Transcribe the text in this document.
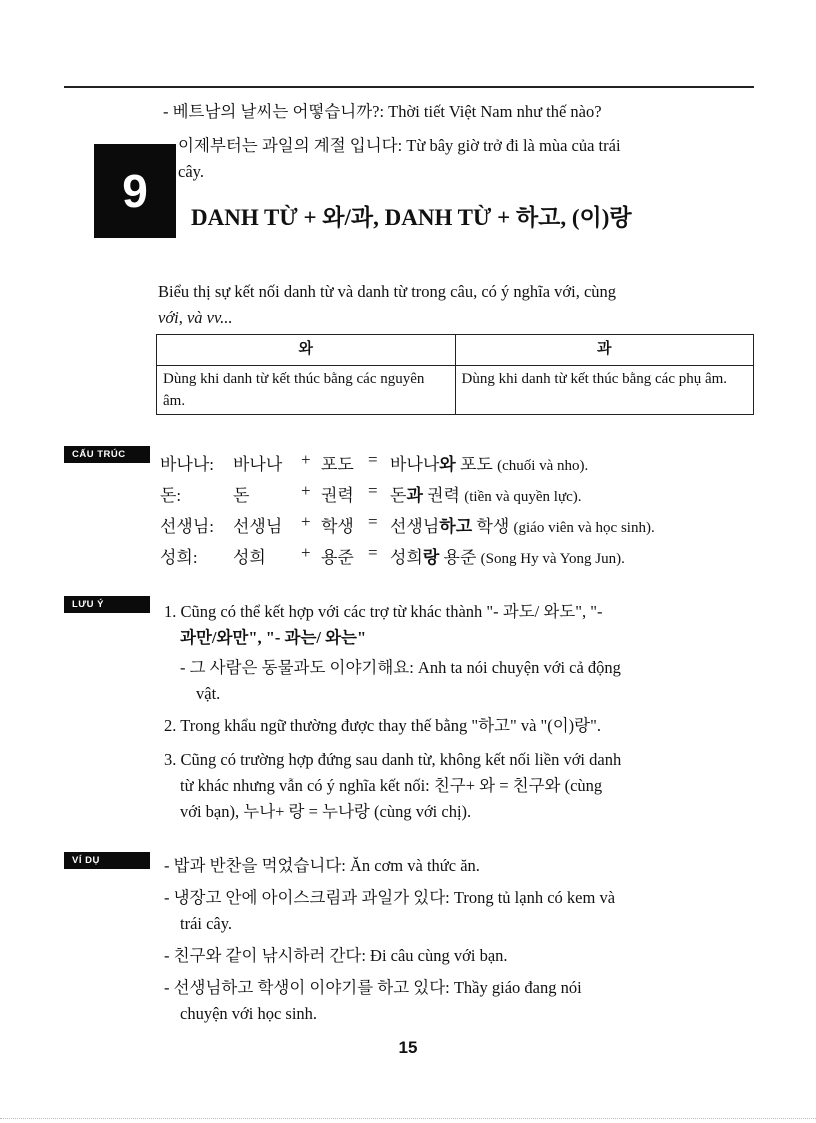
- 베트남의 날씨는 어떻습니까?: Thời tiết Việt Nam như thế nào?
이제부터는 과일의 계절 입니다: Từ bây giờ trở đi là mùa của trái
cây.
9
DANH TỪ + 와/과, DANH TỪ + 하고, (이)랑
Biểu thị sự kết nối danh từ và danh từ trong câu, có ý nghĩa với, cùng
với, và vv...
와	과
Dùng khi danh từ kết thúc bằng các nguyên âm.	Dùng khi danh từ kết thúc bằng các phụ âm.
CẤU TRÚC
바나나: 바나나 + 포도 = 바나나와 포도 (chuối và nho).
돈:	돈	+ 권력 = 돈과 권력 (tiền và quyền lực).
선생님: 선생님 + 학생 = 선생님하고 학생 (giáo viên và học sinh).
성희: 성희 + 용준 = 성희랑 용준 (Song Hy và Yong Jun).
LƯU Ý	1. Cũng có thể kết hợp với các trợ từ khác thành "- 과도/ 와도", "-
과만/와만", "- 과는/ 와는"
- 그 사람은 동물과도 이야기해요: Anh ta nói chuyện với cả động
vật.
2. Trong khẩu ngữ thường được thay thế bằng "하고" và "(이)랑".
3. Cũng có trường hợp đứng sau danh từ, không kết nối liền với danh
từ khác nhưng vẫn có ý nghĩa kết nối: 친구+ 와 = 친구와 (cùng
với bạn), 누나+ 랑 = 누나랑 (cùng với chị).
VÍ DỤ	- 밥과 반찬을 먹었습니다: Ăn cơm và thức ăn.
- 냉장고 안에 아이스크림과 과일가 있다: Trong tủ lạnh có kem và
trái cây.
- 친구와 같이 낚시하러 간다: Đi câu cùng với bạn.
- 선생님하고 학생이 이야기를 하고 있다: Thầy giáo đang nói
chuyện với học sinh.
15
